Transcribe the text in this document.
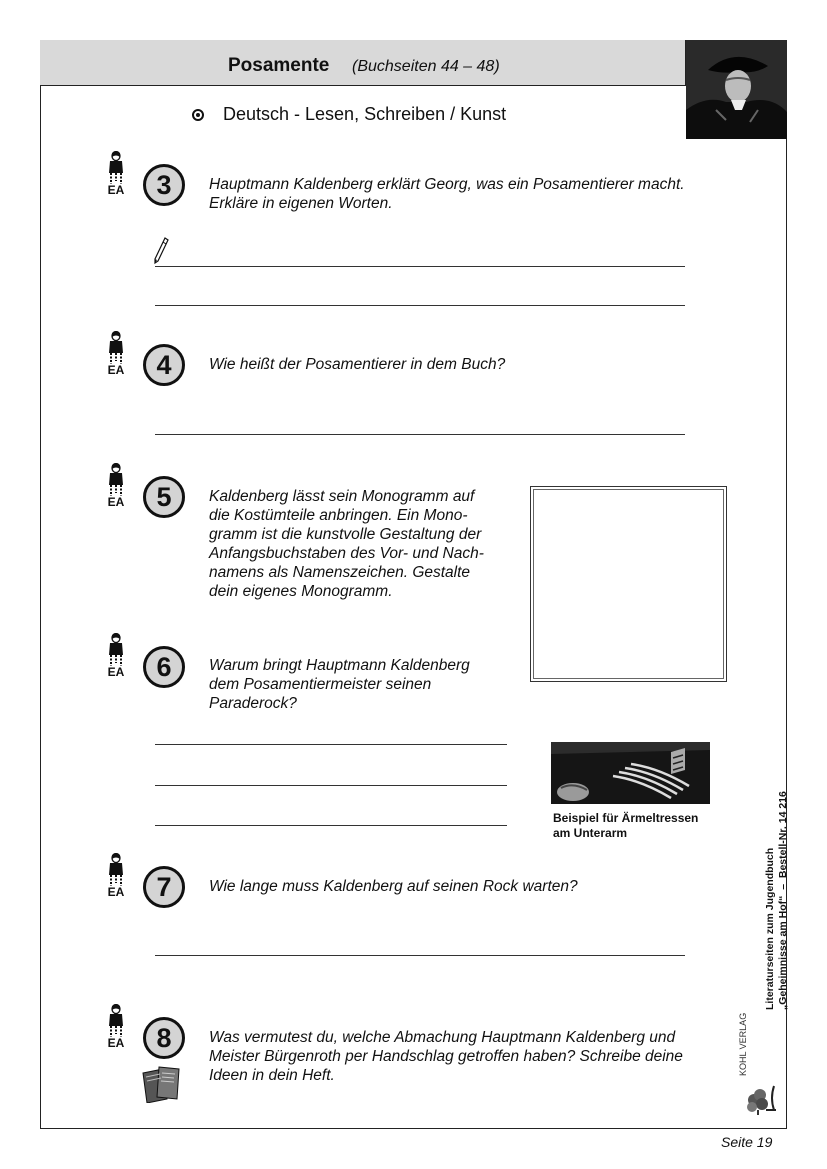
Posamente (Buchseiten 44 – 48)
Deutsch - Lesen, Schreiben / Kunst
EA	3	Hauptmann Kaldenberg erklärt Georg, was ein Posamentierer macht.
Erkläre in eigenen Worten.
EA	4	Wie heißt der Posamentierer in dem Buch?
EA	5	Kaldenberg lässt sein Monogramm auf
die Kostümteile anbringen. Ein Mono-
gramm ist die kunstvolle Gestaltung der
Anfangsbuchstaben des Vor- und Nach-
namens als Namenszeichen. Gestalte
dein eigenes Monogramm.
EA	6	Warum bringt Hauptmann Kaldenberg
dem Posamentiermeister seinen
Paraderock?
Beispiel für Ärmeltressen
am Unterarm
EA	7	Wie lange muss Kaldenberg auf seinen Rock warten?
EA	8	Was vermutest du, welche Abmachung Hauptmann Kaldenberg und
Meister Bürgenroth per Handschlag getroffen haben? Schreibe deine
Ideen in dein Heft.
Literaturseiten zum Jugendbuch
„Geheimnisse am Hof“  –  Bestell-Nr. 14 216
KOHL VERLAG
Seite 19
